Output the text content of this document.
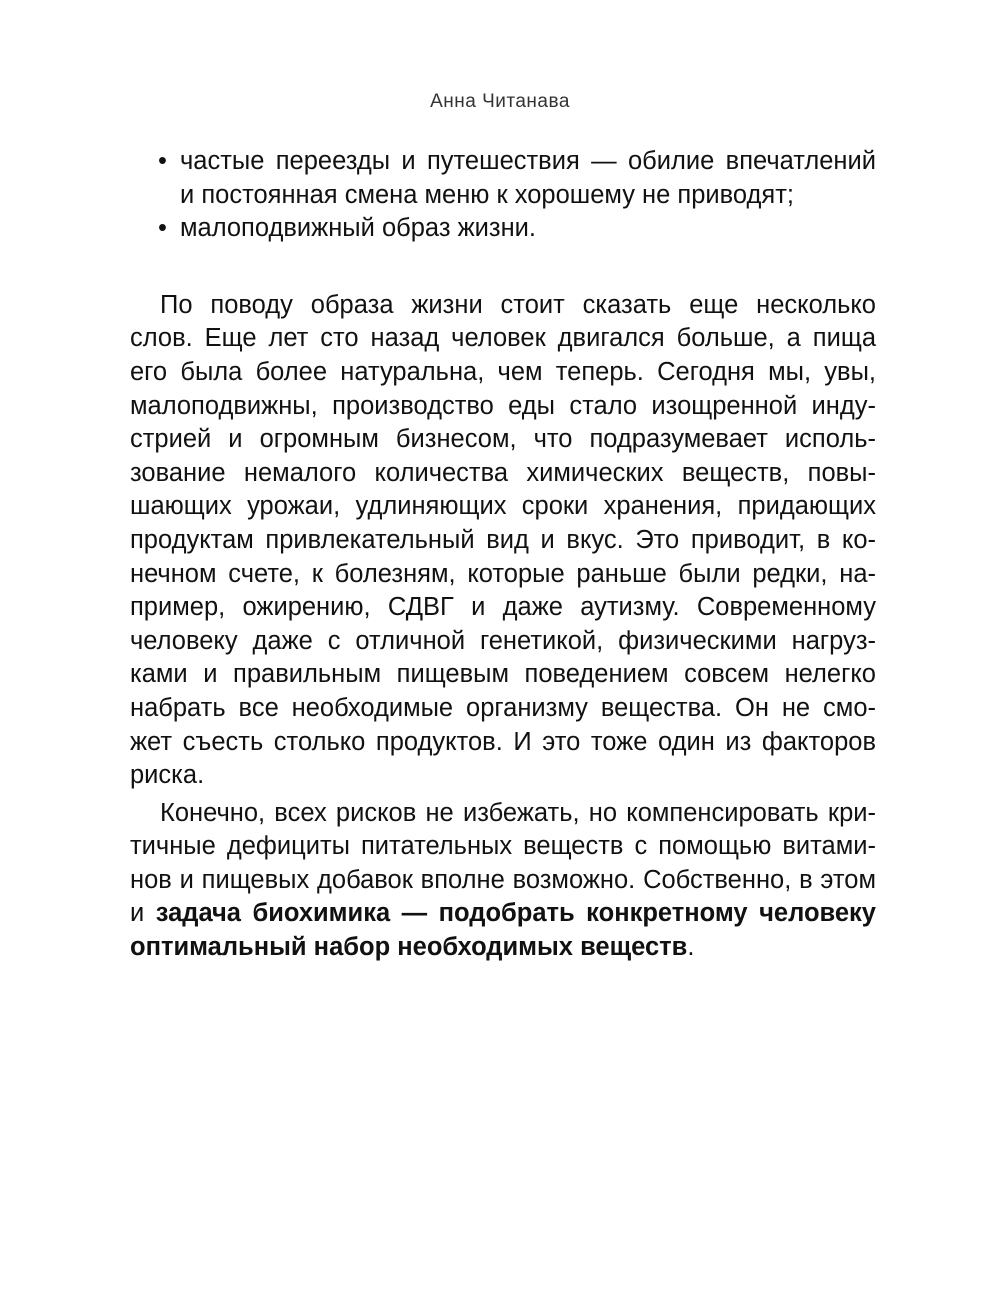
Анна Читанава
• частые переезды и путешествия — обилие впечатлений
и постоянная смена меню к хорошему не приводят;
• малоподвижный образ жизни.
По поводу образа жизни стоит сказать еще несколько
слов. Еще лет сто назад человек двигался больше, а пища
его была более натуральна, чем теперь. Сегодня мы, увы,
малоподвижны, производство еды стало изощренной инду-
стрией и огромным бизнесом, что подразумевает исполь-
зование немалого количества химических веществ, повы-
шающих урожаи, удлиняющих сроки хранения, придающих
продуктам привлекательный вид и вкус. Это приводит, в ко-
нечном счете, к болезням, которые раньше были редки, на-
пример, ожирению, СДВГ и даже аутизму. Современному
человеку даже с отличной генетикой, физическими нагруз-
ками и правильным пищевым поведением совсем нелегко
набрать все необходимые организму вещества. Он не смо-
жет съесть столько продуктов. И это тоже один из факторов
риска.
Конечно, всех рисков не избежать, но компенсировать кри-
тичные дефициты питательных веществ с помощью витами-
нов и пищевых добавок вполне возможно. Собственно, в этом
и задача биохимика — подобрать конкретному человеку
оптимальный набор необходимых веществ.
